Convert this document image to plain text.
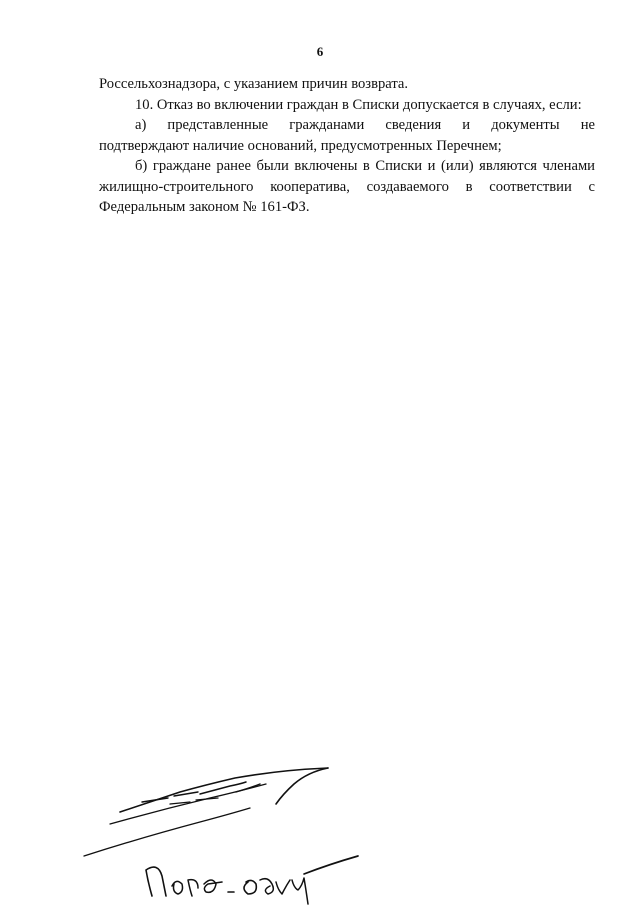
6
Россельхознадзора, с указанием причин возврата.
10. Отказ во включении граждан в Списки допускается в случаях, если:
а) представленные гражданами сведения и документы не
подтверждают наличие оснований, предусмотренных Перечнем;
б) граждане ранее были включены в Списки и (или) являются членами
жилищно-строительного кооператива, создаваемого в соответствии с
Федеральным законом № 161-ФЗ.
